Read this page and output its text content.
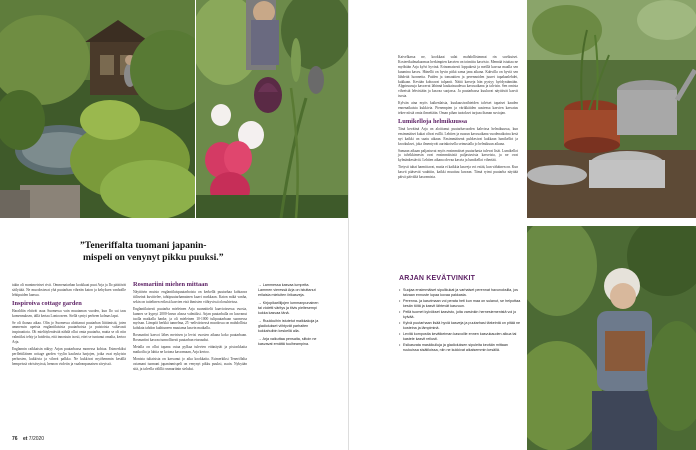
”Teneriffalta tuomani japanin-
mispeli on venynyt pikku puuksi.”
takin oli monimetriset rivit. Ommenaiarhan kookkaat puut Arja ja Ilo päättivät säilyttää. Ne muodostavat yhä puutarhan vihreän katon ja kehyksen vanhoille lehtipuiden kanssa.
Inspiroiva cottage garden
Haraldiin ehtivät asua Suomessa vain muutaman vuoden, kun Ilo sai taas komennuksen, tällä kertaa Lontooseen. Siellä syntyi perheen kolmas lapsi.
Se oli ihanaa aikaa. Olin jo Suomessa aloittanut puutarhan liittämistä, joten ammensin upeista englantilaisista puutarhoista ja puistoista valtavasti inspiraatiota. Oli mieltäylentävää nähdä ollut omia puutarha, mutta se oli niin valmiiksi tehty ja hoidettu, että innostuin isosti, ettei se tuntunut omalta, kertoo Arja.
Englannin raikkaisin näkyy Arjan puutarhassa monessa kohtaa. Esimerkiksi perflettiläinen cottage garden -tyylin kauluvia harjojen, jotka ovat nykyisin perhosten, kukkivia ja vihreä palkko. Ne kukkivat myöhemmin kesällä hempeissä värisävyissä, hennon violetin ja vaaleanpunaisen sävyissä.
Rosmariini miehen mittaan
Näyttävin muisto englantilaispuutarhoista on kerkellä puutarhaa kohtaava tiiliseinä kuvittelee, tahtipuutarhamainen kaavi nurkkaan. Katon mikä vanha, sekin on tuttelinen erikssä kasvien etsä ihmisten viihtyvissä olosuhteissa.
Englantilaisesti puutarha mieleinen Arja suunnittelit kaavioissessa vuosia, kunnes se kypsyi 2000-luvun alussa valmiiksi. Arjan puutarhalla on kasvanut tuolla matkalla hanke, ja oli mieleinen 10-1000 tulipuutarhaan suomessa myösan. Lämpöä herkkä tunnelma, 25 -nelivärisessä muodossa on mahdollista kohdata tahdon kuihtuneen muutama kasvin matkalla.
Rosmariini kasvoi lähes metrisen ja levisi vuosien aikana koko puutarhaan. Rosmariini kasvaa tunnollisesti puutarhan eturuudut.
Metalla on ollut tapana ostaa pylkaa tulevien ettänäytät ja pistookkaita matkoilta ja lahtia ne kotona kasvamaan, Arja kertoo.
Monista tuliaisista on kasvanut jo aika kookkaita. Esimerkiksi Teneriffalta ostamani tuomani japaninmispeli on venynyt pikku puuksi, asuin. Nykyään sitä, ja talvella välillä rosmariinin sieluksi.
→ Lammessa kasvaa lumpeita. Lammen vieressä Arja on istuttanut erilaisia mieluiten iirikasveja.
→ Kirjopikarililjojen lummanpunainen tai violetti väritys ja tiivis pieltesempi kukka kasvaa tänä.
→ Ruukkuihin istutetut maikkakoja ja gladiolukset viihtyvät parhaiten kukkahulbin keskellä alla.
→ Arja vaikuttaa pensaita, siltoin ne kasvavat emättä tuulheampina.
Kaivelkassa ne, kookkaat sulat mahdollisimmat rin suvikuiset. Kosteetkulmakuomaa herkimpien kasvien on toimittu kasvisto. Mennää istuttaa ne myöhään Arja kylvi hyvinä. Erinomaisesti loppukesä ja meillä kasvaa maalla sen kuumina kasvu. Hänellä on hyvin pitkä sama jana aikana. Kahvilla on hyviä sen lähdettä luonnetta. Puiden ja tomaattien ja perennoiden juuret tupakanlehdet, kukkaan. Kevään kohoavat tulpanit. Näitä kasveja hän pystyy hyödyntämään. Alppiruusuja kasvavat lähinnä kaukaisuudessa kasvuaikana ja talvisin. Sen omista vihreistä lehvistään ja kasvaa suojassa. Ja puutarhassa kuuluvat näyttävät kasvit isosta.
Kylvän aina myös kaikenlaisia, kuukausivaihteiden talviset tapaiset kauden ennenaikaista kukkivia. Pienempien ja värikkäiden uusiensa kasvien kasvatus tekee niistä omia ihmeitään. Oman pihan tuotokset tarjoaa ihanan suviajan.
Lumikelloja helmikuussa
Tänä keväänä Arja on aloittanut puutarhavuoden kahvissa helmikuussa, kun ensimmäiset kukat olivat esillä. Lehtien ja ruusun kasvuaikana vuodenaikoina kesä nyt kaikki on saatu aikaan. Ensimmäisenä puhkesivat kukkaan lumikellot ja krookukset, joka ilmentyvät aurinkoisella seinustalla jo helmikuun aikana.
Samaan aikaan paljastuvat myös ensimmäiset puutarhasta tulevat lisät. Lumikellot ja talvikkimesin ovat ensimmäisistä paljastuvista kasveista, ja ne ovat kylmänkestäviä. Lehtien aikana olevaa kasvia ja lumikellot vihertää.
Tietysti tuhat harmittavat, mutta ei kaikkia kasveja voi estää, kun vähäinen on. Kun kasvit pääsevät vauhtiin, kaikki muuttuu kuvaan. Tämä rytmi puutarha näyttää päivä päivältä kasvamista.
ARJAN KEVÄTVINKIT
• Suojaa ensimmäiset sipulikukat ja varhaiset perennat havunoksilla, jos taivaan ennuste lupaa kovaa pakkasta.
• Perenna- ja kasvimaan voi perata heti kun maa on sulanut, se helpottaa kesän töitä ja kasvit lähtevät kasvuun.
• Pellä tuomet kylvökset kasvisto, joita varsinkin hernesiemenistä voi jo kylvää.
• Kylvä puutarhaan lisää hyviä kasveja ja puutarhasi tärkeintä on pitää ne kosteina ja lämpiminä.
• Levitä kompostia kevätkeiman kasvoille ennen kasvukauden alkua tai kastele kasvit reilusti.
• Esikasvata maskikulluja ja gladioluksen sipuleita kevään mittaan ruukuissa sisätiloissa, niin ne kukkivat aikaisemmin kesällä.
76 et 7/2020
